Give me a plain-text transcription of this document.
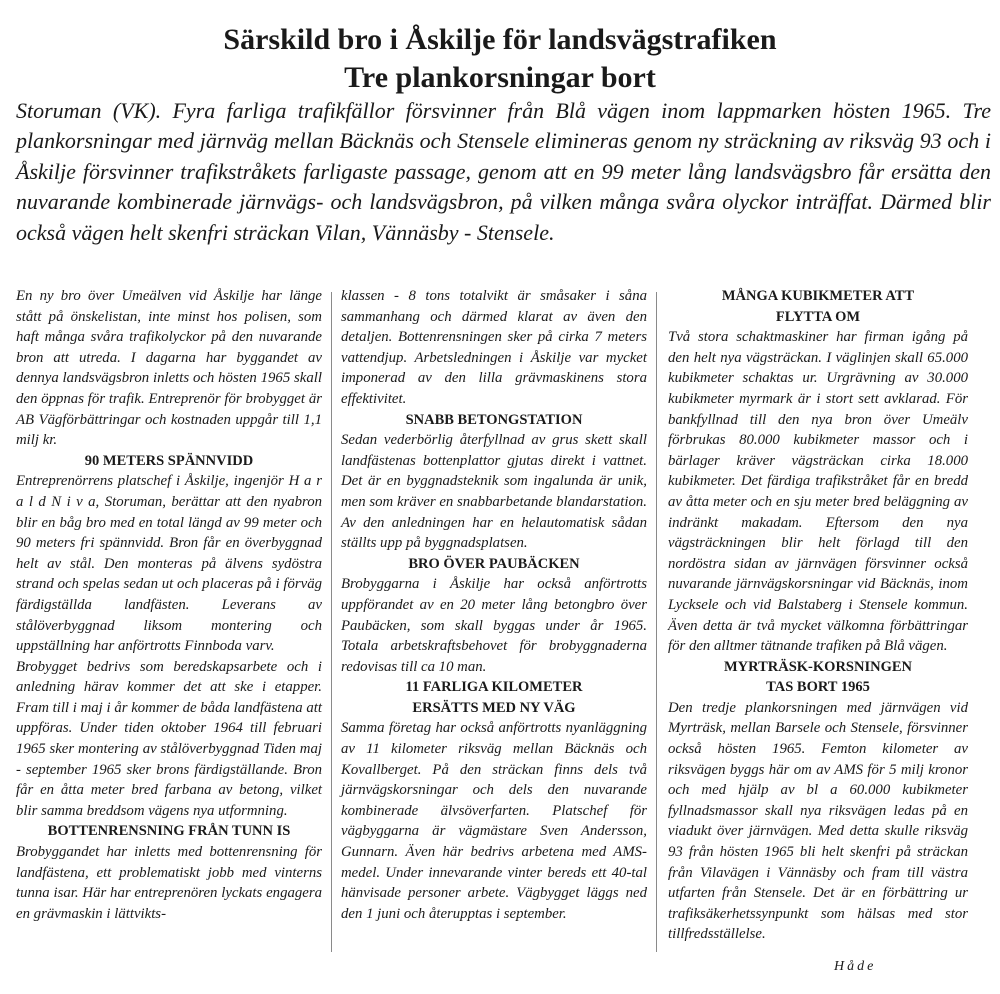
Särskild bro i Åskilje för landsvägstrafiken
Tre plankorsningar bort

Storuman (VK). Fyra farliga trafikfällor försvinner från Blå vägen inom lappmarken hösten 1965. Tre plankorsningar med järnväg mellan Bäcknäs och Stensele elimineras genom ny sträckning av riksväg 93 och i Åskilje försvinner trafikstråkets farligaste passage, genom att en 99 meter lång landsvägsbro får ersätta den nuvarande kombinerade järnvägs- och landsvägsbron, på vilken många svåra olyckor inträffat. Därmed blir också vägen helt skenfri sträckan Vilan, Vännäsby - Stensele.

En ny bro över Umeälven vid Åskilje har länge stått på önskelistan, inte minst hos polisen, som haft många svåra trafikolyckor på den nuvarande bron att utreda. I dagarna har byggandet av dennya landsvägsbron inletts och hösten 1965 skall den öppnas för trafik. Entreprenör för brobygget är AB Vägförbättringar och kostnaden uppgår till 1,1 milj kr.

90 METERS SPÄNNVIDD

Entreprenörrens platschef i Åskilje, ingenjör H a r a l d N i v a, Storuman, berättar att den nyabron blir en båg bro med en total längd av 99 meter och 90 meters fri spännvidd. Bron får en överbyggnad helt av stål. Den monteras på älvens sydöstra strand och spelas sedan ut och placeras på i förväg färdigställda landfästen. Leverans av stålöverbyggnad liksom montering och uppställning har anförtrotts Finnboda varv.

Brobygget bedrivs som beredskapsarbete och i anledning härav kommer det att ske i etapper. Fram till i maj i år kommer de båda landfästena att uppföras. Under tiden oktober 1964 till februari 1965 sker montering av stålöverbyggnad Tiden maj - september 1965 sker brons färdigställande. Bron får en åtta meter bred farbana av betong, vilket blir samma breddsom vägens nya utformning.

BOTTENRENSNING FRÅN TUNN IS

Brobyggandet har inletts med bottenrensning för landfästena, ett problematiskt jobb med vinterns tunna isar. Här har entreprenören lyckats engagera en grävmaskin i lättvikts-

klassen - 8 tons totalvikt är småsaker i såna sammanhang och därmed klarat av även den detaljen. Bottenrensningen sker på cirka 7 meters vattendjup. Arbetsledningen i Åskilje var mycket imponerad av den lilla grävmaskinens stora effektivitet.

SNABB BETONGSTATION

Sedan vederbörlig återfyllnad av grus skett skall landfästenas bottenplattor gjutas direkt i vattnet. Det är en byggnadsteknik som ingalunda är unik, men som kräver en snabbarbetande blandarstation. Av den anledningen har en helautomatisk sådan ställts upp på byggnadsplatsen.

BRO ÖVER PAUBÄCKEN

Brobyggarna i Åskilje har också anförtrotts uppförandet av en 20 meter lång betongbro över Paubäcken, som skall byggas under år 1965. Totala arbetskraftsbehovet för brobyggnaderna redovisas till ca 10 man.

11 FARLIGA KILOMETER
ERSÄTTS MED NY VÄG

Samma företag har också anförtrotts nyanläggning av 11 kilometer riksväg mellan Bäcknäs och Kovallberget. På den sträckan finns dels två järnvägskorsningar och dels den nuvarande kombinerade älvsöverfarten. Platschef för vägbyggarna är vägmästare Sven Andersson, Gunnarn. Även här bedrivs arbetena med AMS-medel. Under innevarande vinter bereds ett 40-tal hänvisade personer arbete. Vägbygget läggs ned den 1 juni och återupptas i september.

MÅNGA KUBIKMETER ATT
FLYTTA OM

Två stora schaktmaskiner har firman igång på den helt nya vägsträckan. I väglinjen skall 65.000 kubikmeter schaktas ur. Urgrävning av 30.000 kubikmeter myrmark är i stort sett avklarad. För bankfyllnad till den nya bron över Umeälv förbrukas 80.000 kubikmeter massor och i bärlager kräver vägsträckan cirka 18.000 kubikmeter. Det färdiga trafikstråket får en bredd av åtta meter och en sju meter bred beläggning av indränkt makadam. Eftersom den nya vägsträckningen blir helt förlagd till den nordöstra sidan av järnvägen försvinner också nuvarande järnvägskorsningar vid Bäcknäs, inom Lycksele och vid Balstaberg i Stensele kommun. Även detta är två mycket välkomna förbättringar för den alltmer tätnande trafiken på Blå vägen.

MYRTRÄSK-KORSNINGEN
TAS BORT 1965

Den tredje plankorsningen med järnvägen vid Myrträsk, mellan Barsele och Stensele, försvinner också hösten 1965. Femton kilometer av riksvägen byggs här om av AMS för 5 milj kronor och med hjälp av bl a 60.000 kubikmeter fyllnadsmassor skall nya riksvägen ledas på en viadukt över järnvägen. Med detta skulle riksväg 93 från hösten 1965 bli helt skenfri på sträckan från Vilavägen i Vännäsby och fram till västra utfarten från Stensele. Det är en förbättring ur trafiksäkerhetssynpunkt som hälsas med stor tillfredsställelse.

Håde
